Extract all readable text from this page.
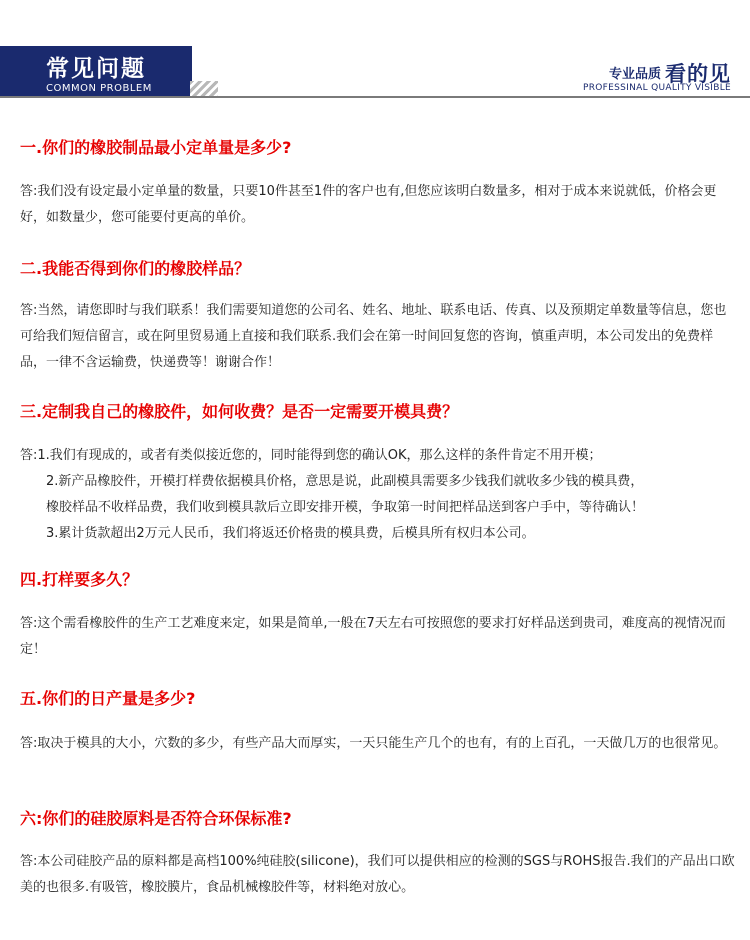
常见问题
COMMON PROBLEM
专业品质 看的见
PROFESSINAL QUALITY VISIBLE

一.你们的橡胶制品最小定单量是多少?

答:我们没有设定最小定单量的数量，只要10件甚至1件的客户也有,但您应该明白数量多，相对于成本来说就低，价格会更好，如数量少，您可能要付更高的单价。

二.我能否得到你们的橡胶样品？

答:当然，请您即时与我们联系！我们需要知道您的公司名、姓名、地址、联系电话、传真、以及预期定单数量等信息，您也可给我们短信留言，或在阿里贸易通上直接和我们联系.我们会在第一时间回复您的咨询，慎重声明，本公司发出的免费样品，一律不含运输费，快递费等！谢谢合作！

三.定制我自己的橡胶件，如何收费？是否一定需要开模具费？

答:1.我们有现成的，或者有类似接近您的，同时能得到您的确认OK，那么这样的条件肯定不用开模；

2.新产品橡胶件，开模打样费依据模具价格，意思是说，此副模具需要多少钱我们就收多少钱的模具费，

橡胶样品不收样品费，我们收到模具款后立即安排开模，争取第一时间把样品送到客户手中，等待确认！

3.累计货款超出2万元人民币，我们将返还价格贵的模具费，后模具所有权归本公司。

四.打样要多久？

答:这个需看橡胶件的生产工艺难度来定，如果是简单,一般在7天左右可按照您的要求打好样品送到贵司，难度高的视情况而定！

五.你们的日产量是多少?

答:取决于模具的大小，穴数的多少，有些产品大而厚实，一天只能生产几个的也有，有的上百孔，一天做几万的也很常见。

六:你们的硅胶原料是否符合环保标准?

答:本公司硅胶产品的原料都是高档100%纯硅胶(silicone)，我们可以提供相应的检测的SGS与ROHS报告.我们的产品出口欧美的也很多.有吸管，橡胶膜片，食品机械橡胶件等，材料绝对放心。
